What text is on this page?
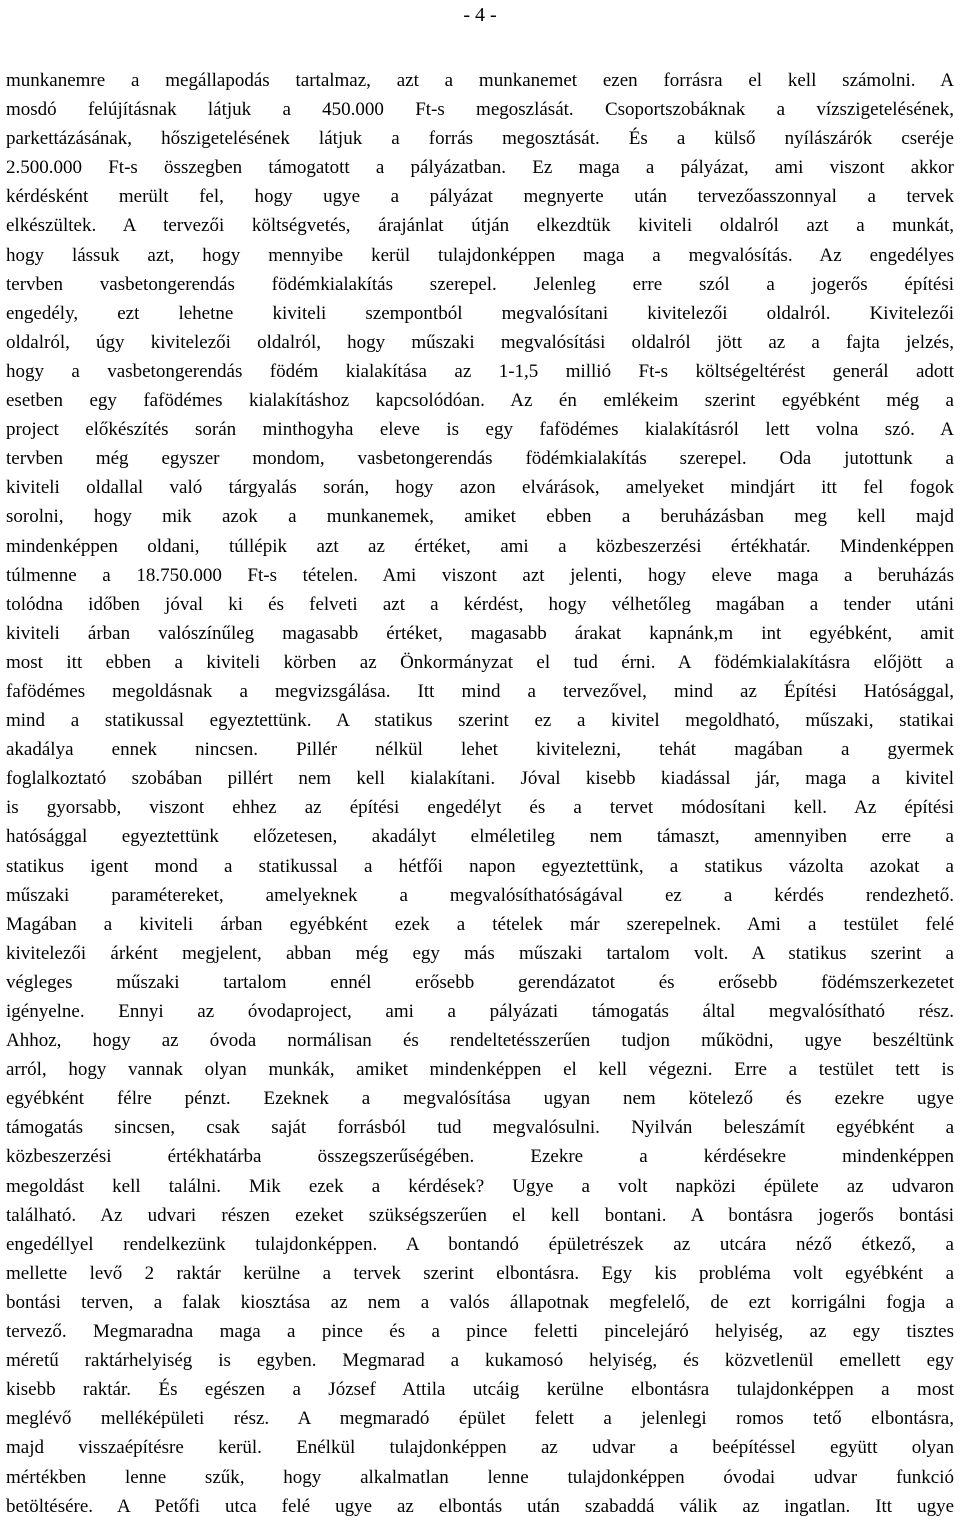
- 4 -
munkanemre a megállapodás tartalmaz, azt a munkanemet ezen forrásra el kell számolni. A
mosdó felújításnak látjuk a 450.000 Ft-s megoszlását. Csoportszobáknak a vízszigetelésének,
parkettázásának, hőszigetelésének látjuk a forrás megosztását. És a külső nyílászárók cseréje
2.500.000 Ft-s összegben támogatott a pályázatban. Ez maga a pályázat, ami viszont akkor
kérdésként merült fel, hogy ugye a pályázat megnyerte után tervezőasszonnyal a tervek
elkészültek. A tervezői költségvetés, árajánlat útján elkezdtük kiviteli oldalról azt a munkát,
hogy lássuk azt, hogy mennyibe kerül tulajdonképpen maga a megvalósítás. Az engedélyes
tervben vasbetongerendás födémkialakítás szerepel. Jelenleg erre szól a jogerős építési
engedély, ezt lehetne kiviteli szempontból megvalósítani kivitelezői oldalról. Kivitelezői
oldalról, úgy kivitelezői oldalról, hogy műszaki megvalósítási oldalról jött az a fajta jelzés,
hogy a vasbetongerendás födém kialakítása az 1-1,5 millió Ft-s költségeltérést generál adott
esetben egy fafödémes kialakításhoz kapcsolódóan. Az én emlékeim szerint egyébként még a
project előkészítés során minthogyha eleve is egy fafödémes kialakításról lett volna szó. A
tervben még egyszer mondom, vasbetongerendás födémkialakítás szerepel. Oda jutottunk a
kiviteli oldallal való tárgyalás során, hogy azon elvárások, amelyeket mindjárt itt fel fogok
sorolni, hogy mik azok a munkanemek, amiket ebben a beruházásban meg kell majd
mindenképpen oldani, túllépik azt az értéket, ami a közbeszerzési értékhatár. Mindenképpen
túlmenne a 18.750.000 Ft-s tételen. Ami viszont azt jelenti, hogy eleve maga a beruházás
tolódna időben jóval ki és felveti azt a kérdést, hogy vélhetőleg magában a tender utáni
kiviteli árban valószínűleg magasabb értéket, magasabb árakat kapnánk,m int egyébként, amit
most itt ebben a kiviteli körben az Önkormányzat el tud érni. A födémkialakításra előjött a
fafödémes megoldásnak a megvizsgálása. Itt mind a tervezővel, mind az Építési Hatósággal,
mind a statikussal egyeztettünk. A statikus szerint ez a kivitel megoldható, műszaki, statikai
akadálya ennek nincsen. Pillér nélkül lehet kivitelezni, tehát magában a gyermek
foglalkoztató szobában pillért nem kell kialakítani. Jóval kisebb kiadással jár, maga a kivitel
is gyorsabb, viszont ehhez az építési engedélyt és a tervet módosítani kell. Az építési
hatósággal egyeztettünk előzetesen, akadályt elméletileg nem támaszt, amennyiben erre a
statikus igent mond a statikussal a hétfői napon egyeztettünk, a statikus vázolta azokat a
műszaki paramétereket, amelyeknek a megvalósíthatóságával ez a kérdés rendezhető.
Magában a kiviteli árban egyébként ezek a tételek már szerepelnek. Ami a testület felé
kivitelezői árként megjelent, abban még egy más műszaki tartalom volt. A statikus szerint a
végleges műszaki tartalom ennél erősebb gerendázatot és erősebb födémszerkezetet
igényelne. Ennyi az óvodaproject, ami a pályázati támogatás által megvalósítható rész.
Ahhoz, hogy az óvoda normálisan és rendeltetésszerűen tudjon működni, ugye beszéltünk
arról, hogy vannak olyan munkák, amiket mindenképpen el kell végezni. Erre a testület tett is
egyébként félre pénzt. Ezeknek a megvalósítása ugyan nem kötelező és ezekre ugye
támogatás sincsen, csak saját forrásból tud megvalósulni. Nyilván beleszámít egyébként a
közbeszerzési értékhatárba összegszerűségében. Ezekre a kérdésekre mindenképpen
megoldást kell találni. Mik ezek a kérdések? Ugye a volt napközi épülete az udvaron
található. Az udvari részen ezeket szükségszerűen el kell bontani. A bontásra jogerős bontási
engedéllyel rendelkezünk tulajdonképpen. A bontandó épületrészek az utcára néző étkező, a
mellette levő 2 raktár kerülne a tervek szerint elbontásra. Egy kis probléma volt egyébként a
bontási terven, a falak kiosztása az nem a valós állapotnak megfelelő, de ezt korrigálni fogja a
tervező. Megmaradna maga a pince és a pince feletti pincelejáró helyiség, az egy tisztes
méretű raktárhelyiség is egyben. Megmarad a kukamosó helyiség, és közvetlenül emellett egy
kisebb raktár. És egészen a József Attila utcáig kerülne elbontásra tulajdonképpen a most
meglévő melléképületi rész. A megmaradó épület felett a jelenlegi romos tető elbontásra,
majd visszaépítésre kerül. Enélkül tulajdonképpen az udvar a beépítéssel együtt olyan
mértékben lenne szűk, hogy alkalmatlan lenne tulajdonképpen óvodai udvar funkció
betöltésére. A Petőfi utca felé ugye az elbontás után szabaddá válik az ingatlan. Itt ugye
